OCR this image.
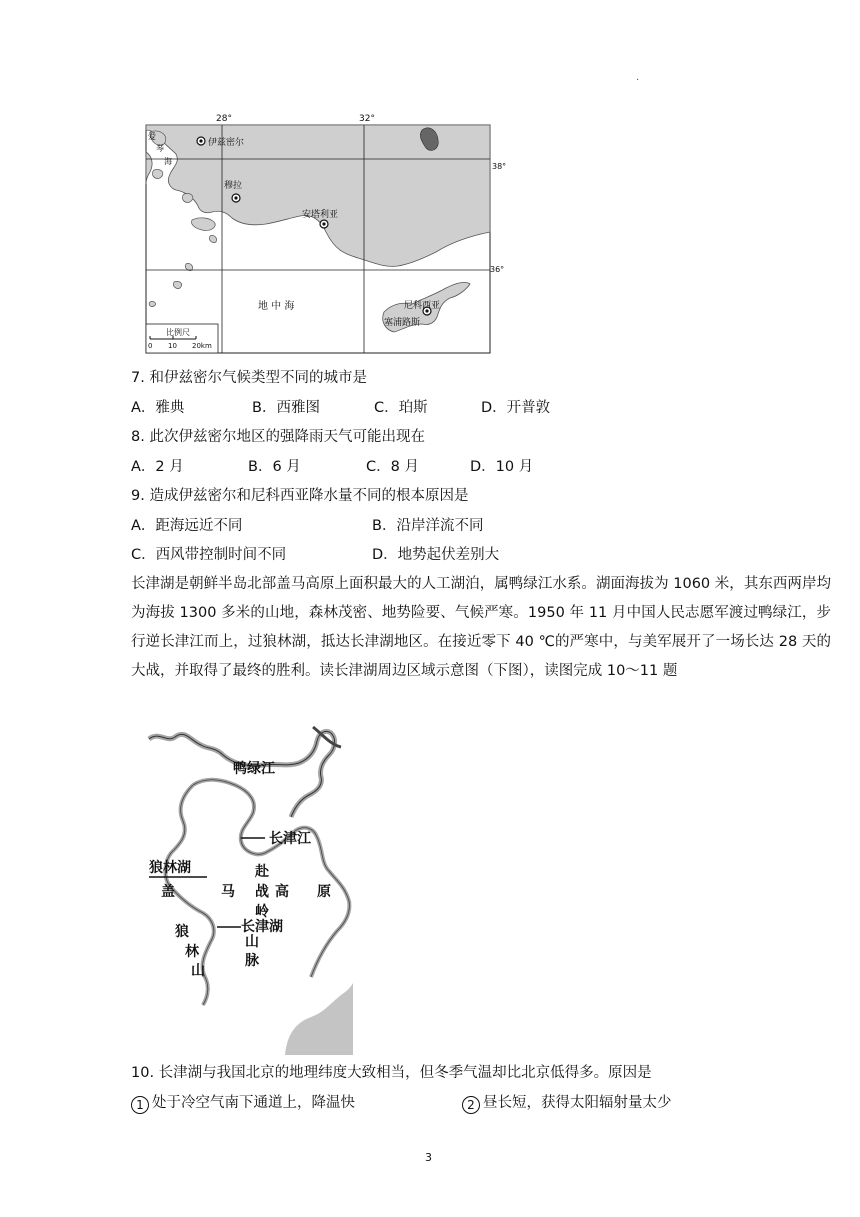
.
28°	32°
38°
36°
伊兹密尔
爱
琴
海
穆拉
安塔利亚
地 中 海	尼科西亚
塞浦路斯
比例尺
0 10 20km
7. 和伊兹密尔气候类型不同的城市是
A．雅典	B．西雅图	C．珀斯	D．开普敦
8. 此次伊兹密尔地区的强降雨天气可能出现在
A．2 月	B．6 月	C．8 月	D．10 月
9. 造成伊兹密尔和尼科西亚降水量不同的根本原因是
A．距海远近不同	B．沿岸洋流不同
C．西风带控制时间不同	D．地势起伏差别大
长津湖是朝鲜半岛北部盖马高原上面积最大的人工湖泊，属鸭绿江水系。湖面海拔为 1060 米，其东西两岸均为海拔 1300 多米的山地，森林茂密、地势险要、气候严寒。1950 年 11 月中国人民志愿军渡过鸭绿江，步行逆长津江而上，过狼林湖，抵达长津湖地区。在接近零下 40 ℃的严寒中，与美军展开了一场长达 28 天的大战，并取得了最终的胜利。读长津湖周边区域示意图（下图），读图完成 10～11 题
鸭绿江
长津江
狼林湖
盖	马	高 原
赴
战
岭
长津湖
山
脉
狼
林
山
10. 长津湖与我国北京的地理纬度大致相当，但冬季气温却比北京低得多。原因是
1 处于冷空气南下通道上，降温快	2 昼长短，获得太阳辐射量太少
3
